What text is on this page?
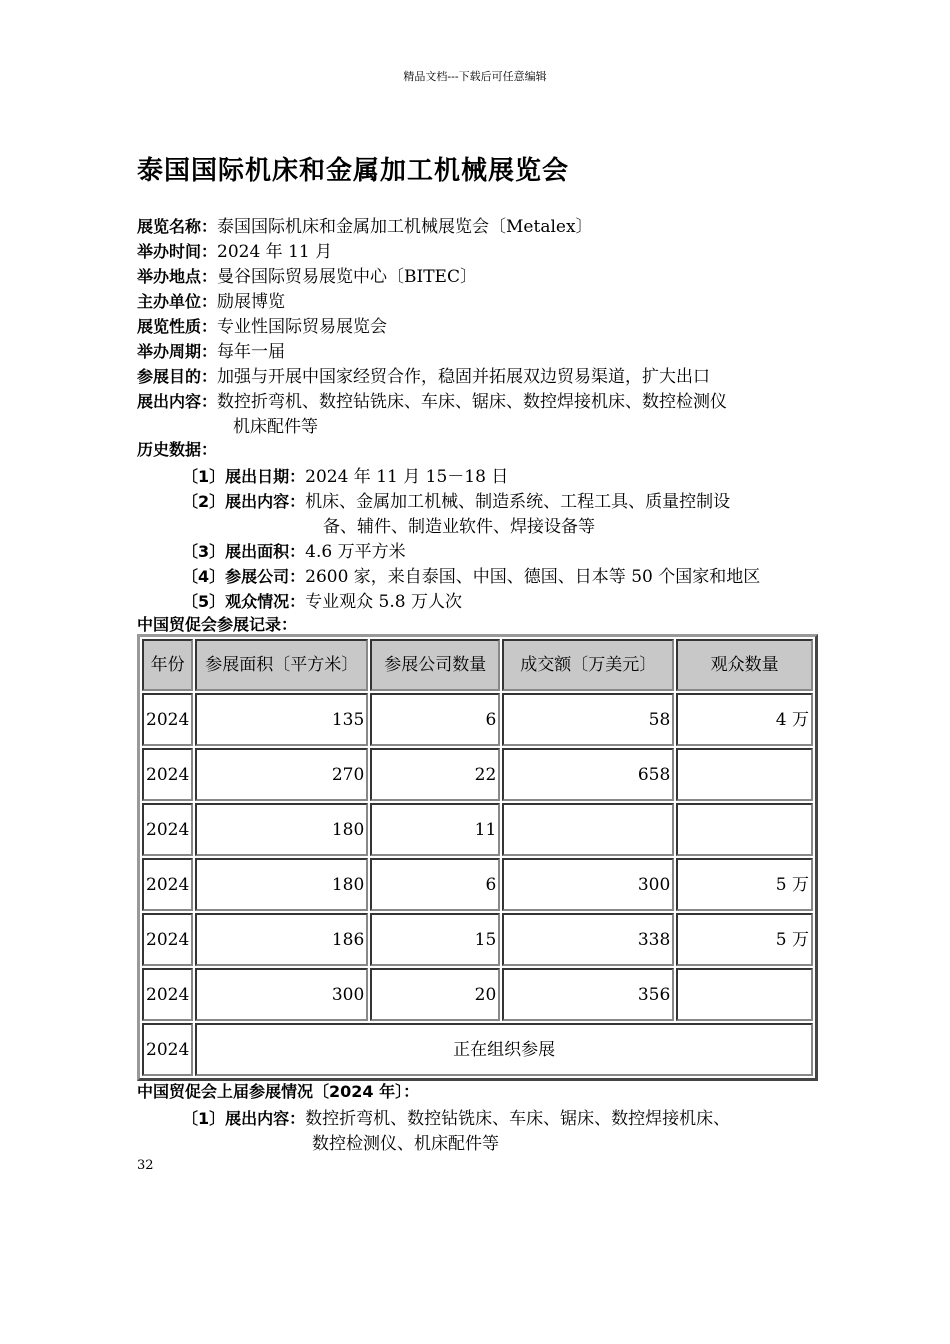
精品文档---下载后可任意编辑
泰国国际机床和金属加工机械展览会
展览名称：泰国国际机床和金属加工机械展览会〔Metalex〕
举办时间：2024 年 11 月
举办地点：曼谷国际贸易展览中心〔BITEC〕
主办单位：励展博览
展览性质：专业性国际贸易展览会
举办周期：每年一届
参展目的：加强与开展中国家经贸合作，稳固并拓展双边贸易渠道，扩大出口
展出内容：数控折弯机、数控钻铣床、车床、锯床、数控焊接机床、数控检测仪
机床配件等
历史数据：
〔1〕展出日期：2024 年 11 月 15－18 日
〔2〕展出内容：机床、金属加工机械、制造系统、工程工具、质量控制设
备、辅件、制造业软件、焊接设备等
〔3〕展出面积：4.6 万平方米
〔4〕参展公司：2600 家，来自泰国、中国、德国、日本等 50 个国家和地区
〔5〕观众情况：专业观众 5.8 万人次
中国贸促会参展记录：
年份	参展面积〔平方米〕	参展公司数量	成交额〔万美元〕	观众数量
2024	135	6	58	4 万
2024	270	22	658	
2024	180	11		
2024	180	6	300	5 万
2024	186	15	338	5 万
2024	300	20	356	
2024	正在组织参展			
中国贸促会上届参展情况〔2024 年〕：
〔1〕展出内容：数控折弯机、数控钻铣床、车床、锯床、数控焊接机床、
数控检测仪、机床配件等
32
